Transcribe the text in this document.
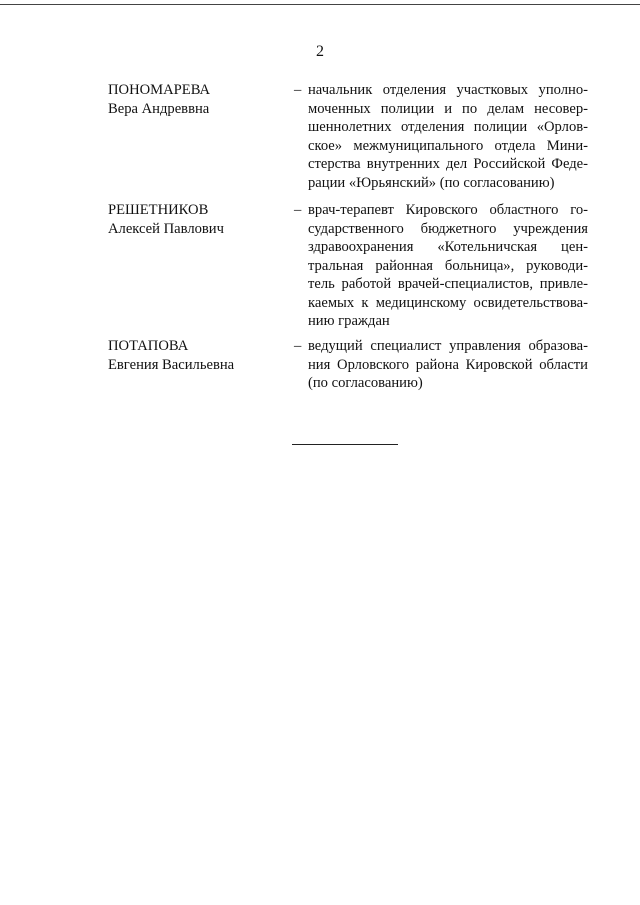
2
ПОНОМАРЕВА
Вера Андреввна
– начальник отделения участковых уполно-
моченных полиции и по делам несовер-
шеннолетних отделения полиции «Орлов-
ское» межмуниципального отдела Мини-
стерства внутренних дел Российской Феде-
рации «Юрьянский» (по согласованию)
РЕШЕТНИКОВ
Алексей Павлович
– врач-терапевт Кировского областного го-
сударственного бюджетного учреждения
здравоохранения «Котельничская цен-
тральная районная больница», руководи-
тель работой врачей-специалистов, привле-
каемых к медицинскому освидетельствова-
нию граждан
ПОТАПОВА
Евгения Васильевна
– ведущий специалист управления образова-
ния Орловского района Кировской области
(по согласованию)
